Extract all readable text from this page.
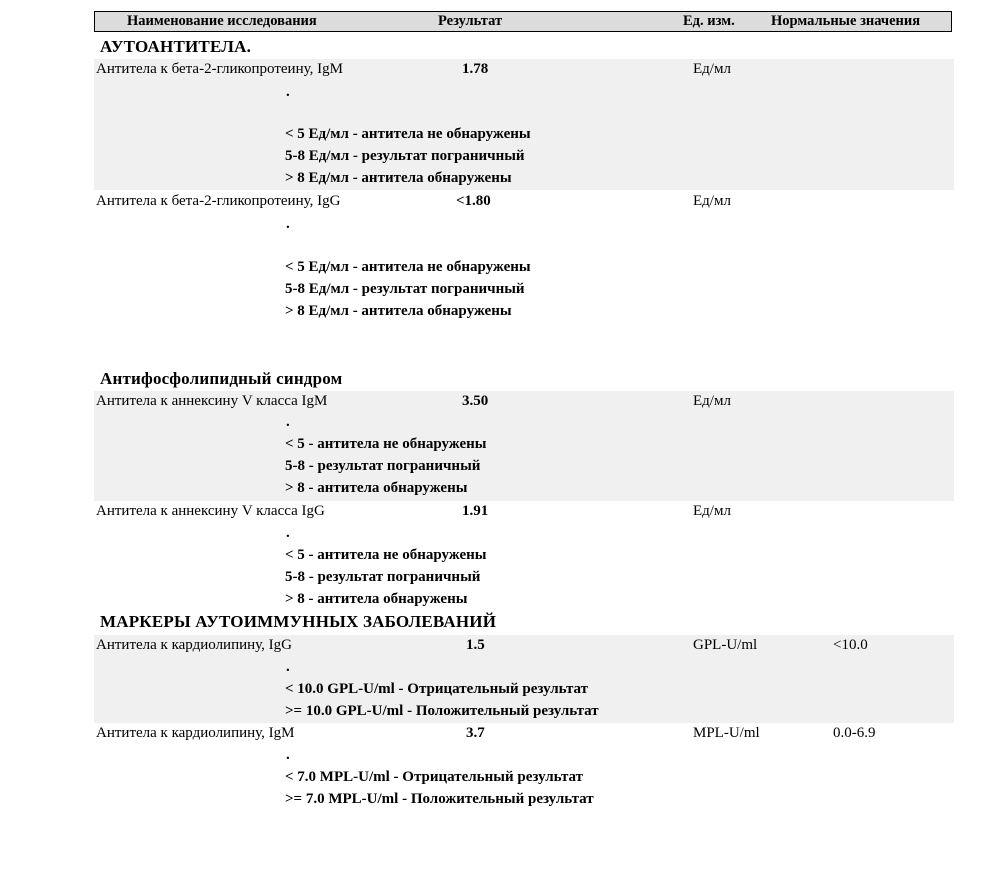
Наименование исследования	Результат	Ед. изм.	Нормальные значения
АУТОАНТИТЕЛА.
Антитела к бета-2-гликопротеину, IgM	1.78	Ед/мл
.
< 5 Ед/мл - антитела не обнаружены
5-8 Ед/мл - результат пограничный
> 8 Ед/мл - антитела обнаружены
Антитела к бета-2-гликопротеину, IgG	<1.80	Ед/мл
.
< 5 Ед/мл - антитела не обнаружены
5-8 Ед/мл - результат пограничный
> 8 Ед/мл - антитела обнаружены
Антифосфолипидный синдром
Антитела к аннексину V класса IgM	3.50	Ед/мл
.
< 5 - антитела не обнаружены
5-8 - результат пограничный
> 8 - антитела обнаружены
Антитела к аннексину V класса IgG	1.91	Ед/мл
.
< 5 - антитела не обнаружены
5-8 - результат пограничный
> 8 - антитела обнаружены
МАРКЕРЫ АУТОИММУННЫХ ЗАБОЛЕВАНИЙ
Антитела к кардиолипину, IgG	1.5	GPL-U/ml	<10.0
.
< 10.0 GPL-U/ml - Отрицательный результат
>= 10.0 GPL-U/ml - Положительный результат
Антитела к кардиолипину, IgM	3.7	MPL-U/ml	0.0-6.9
.
< 7.0 MPL-U/ml - Отрицательный результат
>= 7.0 MPL-U/ml - Положительный результат
